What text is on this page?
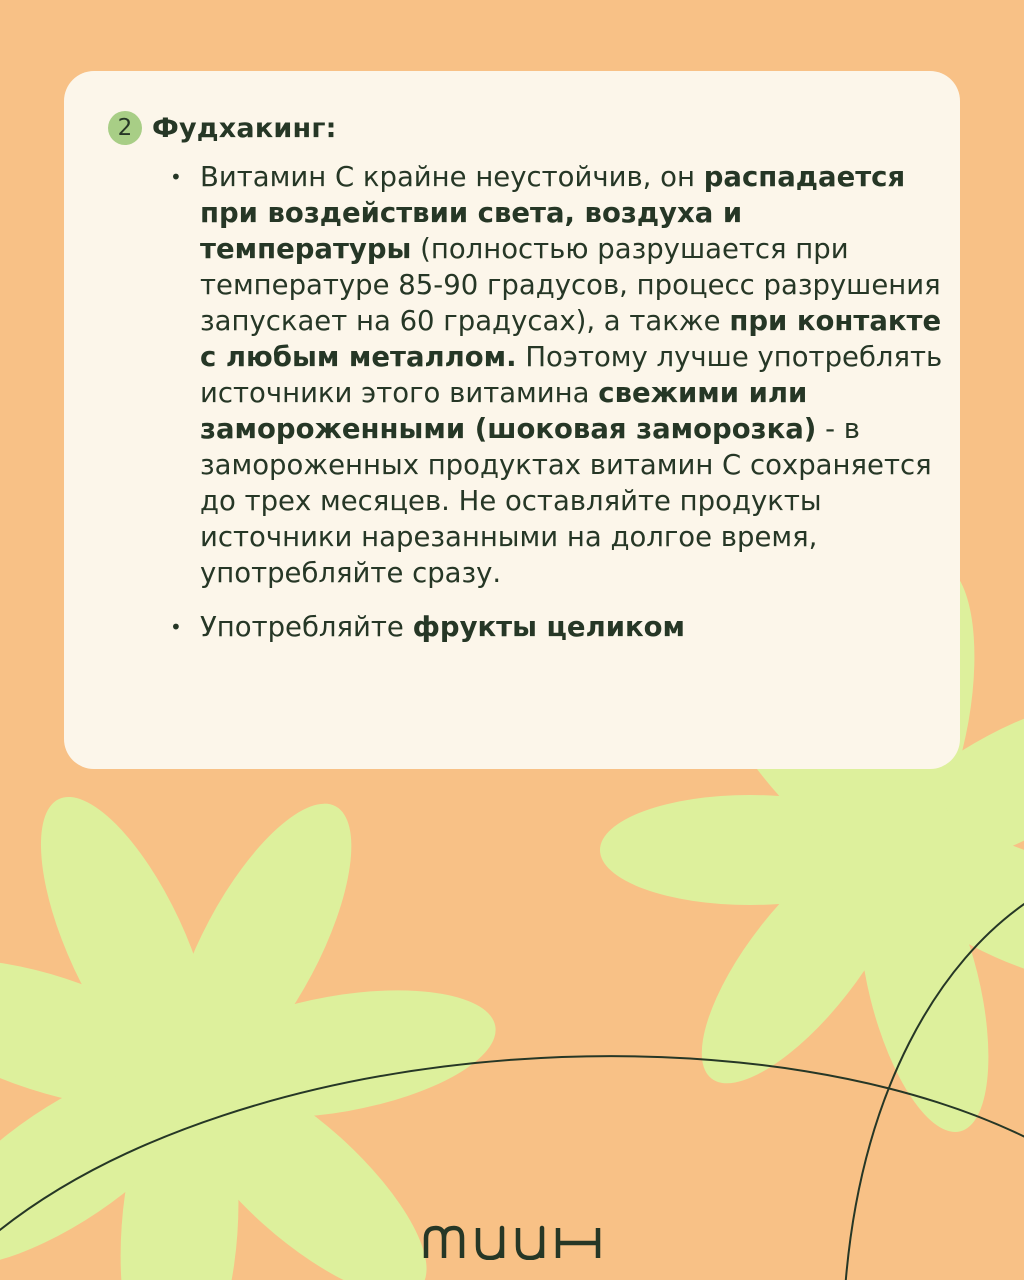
2 Фудхакинг:
• Витамин С крайне неустойчив, он распадается при воздействии света, воздуха и температуры (полностью разрушается при температуре 85-90 градусов, процесс разрушения запускает на 60 градусах), а также при контакте с любым металлом. Поэтому лучше употреблять источники этого витамина свежими или замороженными (шоковая заморозка) - в замороженных продуктах витамин С сохраняется до трех месяцев. Не оставляйте продукты источники нарезанными на долгое время, употребляйте сразу.
• Употребляйте фрукты целиком
